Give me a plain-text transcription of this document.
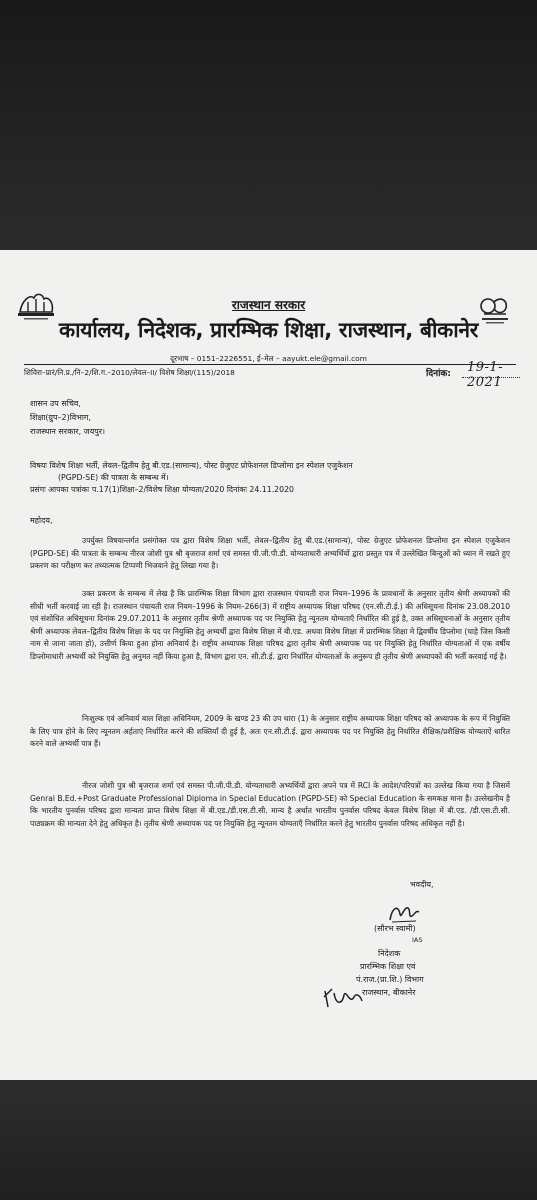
राजस्थान सरकार
कार्यालय, निदेशक, प्रारम्भिक शिक्षा, राजस्थान, बीकानेर
दूरभाष – 0151–2226551, ई–मेल – aayukt.ele@gmail.com
शिविरा–प्रारं/नि.प्र./नि–2/शि.ग.–2010/लेवल–II/ विशेष शिक्षा/(115)/2018	दिनांक: 19-1-2021
शासन उप सचिव,
शिक्षा(ग्रुप–2)विभाग,
राजस्थान सरकार, जयपुर।
विषयः विशेष शिक्षा भर्ती, लेवल–द्वितीय हेतु बी.एड.(सामान्य), पोस्ट ग्रेजुएट प्रोफेशनल डिप्लोमा इन स्पेशल एजुकेशन
(PGPD-SE) की पात्रता के सम्बन्ध में।
प्रसंगः आपका पत्रांकः प.17(1)शिक्षा–2/विशेष शिक्षा योग्यता/2020 दिनांकः 24.11.2020
महोदय,
उपर्युक्त विषयान्तर्गत प्रसंगोक्त पत्र द्वारा विशेष शिक्षा भर्ती, लेवल–द्वितीय हेतु बी.एड.(सामान्य), पोस्ट ग्रेजुएट प्रोफेशनल डिप्लोमा इन स्पेशल एजुकेशन (PGPD-SE) की पात्रता के सम्बन्ध नीरज जोशी पुत्र श्री बृजराज शर्मा एवं समस्त पी.जी.पी.डी. योग्यताधारी अभ्यर्थियों द्वारा प्रस्तुत पत्र में उल्लेखित बिन्दुओं को ध्यान में रखते हुए प्रकरण का परीक्षण कर तथ्यात्मक टिप्पणी भिजवाने हेतु लिखा गया है।
उक्त प्रकरण के सम्बन्ध में लेख है कि प्रारम्भिक शिक्षा विभाग द्वारा राजस्थान पंचायती राज नियम–1996 के प्रावधानों के अनुसार तृतीय श्रेणी अध्यापकों की सीधी भर्ती करवाई जा रही है। राजस्थान पंचायती राज नियम–1996 के नियम–266(3) में राष्ट्रीय अध्यापक शिक्षा परिषद (एन.सी.टी.ई.) की अधिसूचना दिनांक 23.08.2010 एवं संशोधित अधिसूचना दिनांक 29.07.2011 के अनुसार तृतीय श्रेणी अध्यापक पद पर नियुक्ति हेतु न्यूनतम योग्यताएँ निर्धारित की हुई है, उक्त अधिसूचनाओं के अनुसार तृतीय श्रेणी अध्यापक लेवल–द्वितीय विशेष शिक्षा के पद पर नियुक्ति हेतु अभ्यर्थी द्वारा विशेष शिक्षा में बी.एड. अथवा विशेष शिक्षा में प्रारम्भिक शिक्षा मे द्विवर्षीय डिप्लोमा (चाहे जिस किसी नाम से जाना जाता हो), उत्तीर्ण किया हुआ होना अनिवार्य है। राष्ट्रीय अध्यापक शिक्षा परिषद द्वारा तृतीय श्रेणी अध्यापक पद पर नियुक्ति हेतु निर्धारित योग्यताओं में एक वर्षीय डिप्लोमाधारी अभ्यर्थी को नियुक्ति हेतु अनुमत नहीं किया हुआ है, विभाग द्वारा एन. सी.टी.ई. द्वारा निर्धारित योग्यताओं के अनुरूप ही तृतीय श्रेणी अध्यापकों की भर्ती करवाई गई है।
निःशुल्क एवं अनिवार्य बाल शिक्षा अधिनियम, 2009 के खण्ड 23 की उप धारा (1) के अनुसार राष्ट्रीय अध्यापक शिक्षा परिषद को अध्यापक के रूप में नियुक्ति के लिए पात्र होने के लिए न्यूनतम अर्हताएं निर्धारित करने की शक्तियाँ दी हुई है, अतः एन.सी.टी.ई. द्वारा अध्यापक पद पर नियुक्ति हेतु निर्धारित शैक्षिक/प्रशैक्षिक योग्यताऐं धारित करने वाले अभ्यर्थी पात्र हैं।
नीरज जोशी पुत्र श्री बृजराज शर्मा एवं समस्त पी.जी.पी.डी. योग्यताधारी अभ्यर्थियों द्वारा अपने पत्र में RCI के आदेश/परिपत्रों का उल्लेख किया गया है जिसमें Genral B.Ed.+Post Graduate Professional Diploma in Special Education (PGPD-SE) को Special Education के समकक्ष माना है। उल्लेखनीय है कि भारतीय पुनर्वास परिषद द्वारा मान्यता प्राप्त विशेष शिक्षा में बी.एड./डी.एस.टी.सी. मान्य है अर्थात भारतीय पुनर्वास परिषद केवल विशेष शिक्षा में बी.एड. /डी.एस.टी.सी. पाठ्यक्रम की मान्यता देने हेतु अधिकृत है। तृतीय श्रेणी अध्यापक पद पर नियुक्ति हेतु न्यूनतम योग्यताएँ निर्धारित करने हेतु भारतीय पुनर्वास परिषद अधिकृत नहीं है।
भवदीय,
(सौरभ स्वामी)
IAS
निदेशक
प्रारम्भिक शिक्षा एवं
पं.राज.(प्रा.शि.) विभाग
राजस्थान, बीकानेर
